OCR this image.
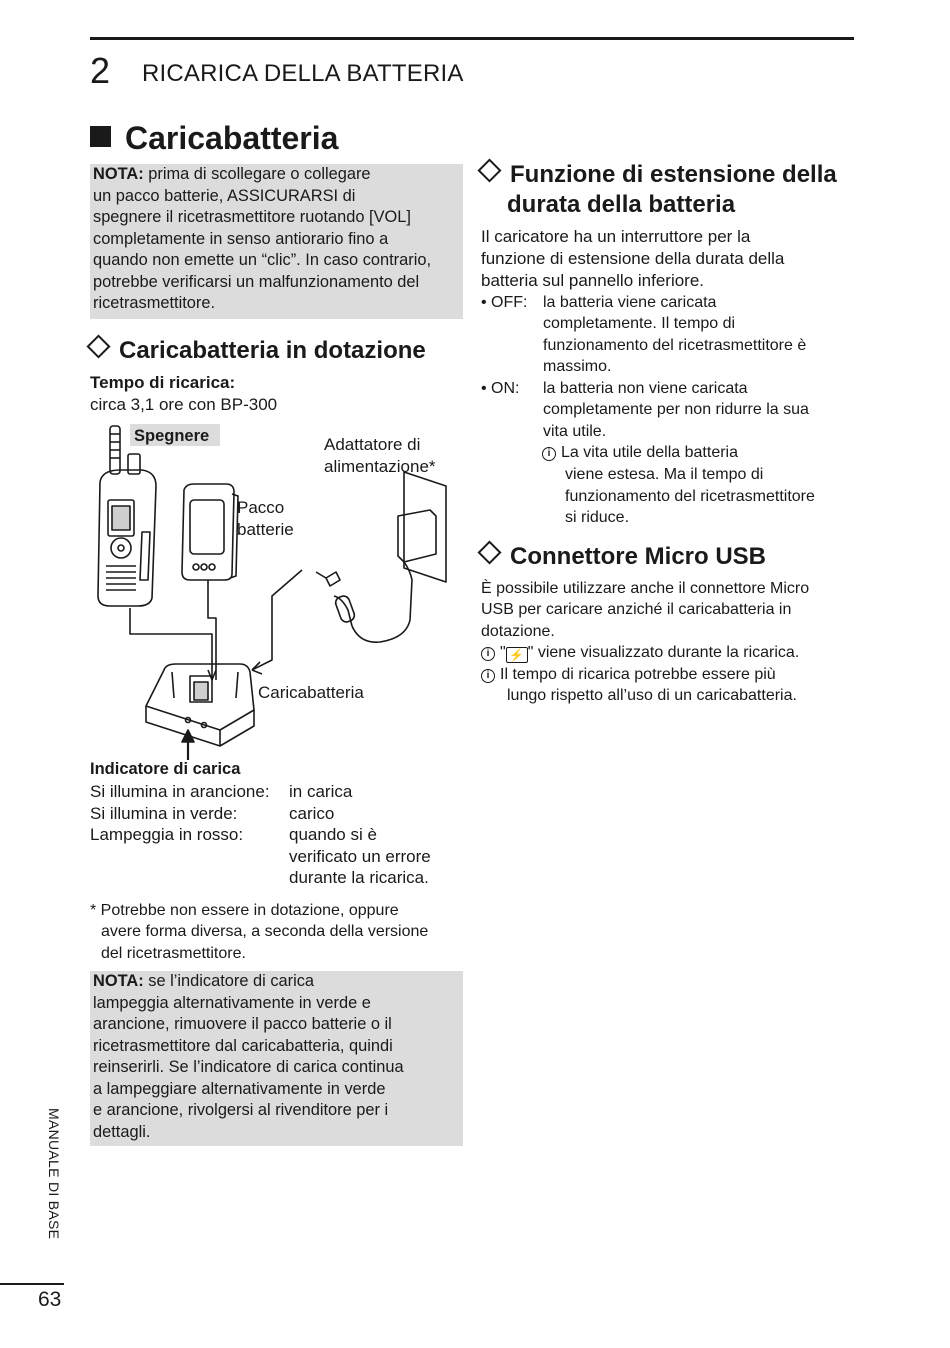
2 RICARICA DELLA BATTERIA
Caricabatteria
NOTA: prima di scollegare o collegare
un pacco batterie, ASSICURARSI di
spegnere il ricetrasmettitore ruotando [VOL]
completamente in senso antiorario fino a
quando non emette un “clic”. In caso contrario,
potrebbe verificarsi un malfunzionamento del
ricetrasmettitore.
Caricabatteria in dotazione
Tempo di ricarica:
circa 3,1 ore con BP-300
Spegnere	Adattatore di
alimentazione*
Pacco
batterie
Caricabatteria
Indicatore di carica
Si illumina in arancione: in carica
Si illumina in verde:	carico
Lampeggia in rosso:	quando si è
verificato un errore
durante la ricarica.
* Potrebbe non essere in dotazione, oppure
avere forma diversa, a seconda della versione
del ricetrasmettitore.
NOTA: se l’indicatore di carica
lampeggia alternativamente in verde e
arancione, rimuovere il pacco batterie o il
ricetrasmettitore dal caricabatteria, quindi
reinserirli. Se l’indicatore di carica continua
a lampeggiare alternativamente in verde
e arancione, rivolgersi al rivenditore per i
dettagli.
Funzione di estensione della
durata della batteria
Il caricatore ha un interruttore per la
funzione di estensione della durata della
batteria sul pannello inferiore.
• OFF: la batteria viene caricata
completamente. Il tempo di
funzionamento del ricetrasmettitore è
massimo.
• ON: la batteria non viene caricata
completamente per non ridurre la sua
vita utile.
i La vita utile della batteria
viene estesa. Ma il tempo di
funzionamento del ricetrasmettitore
si riduce.
Connettore Micro USB
È possibile utilizzare anche il connettore Micro
USB per caricare anziché il caricabatteria in
dotazione.
i " ⚡ " viene visualizzato durante la ricarica.
i Il tempo di ricarica potrebbe essere più
lungo rispetto all’uso di un caricabatteria.
MANUALE DI BASE
63
